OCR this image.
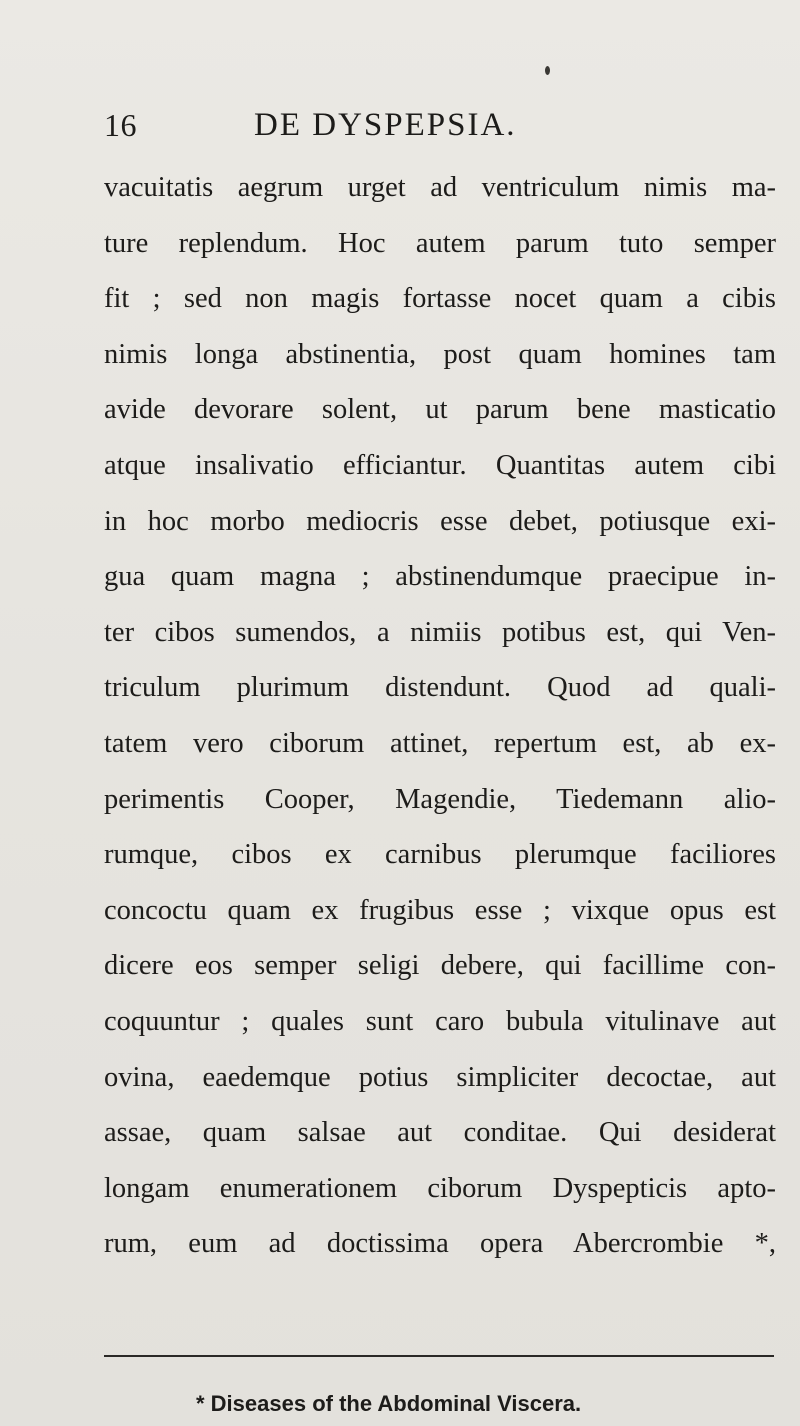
16	DE DYSPEPSIA.
vacuitatis aegrum urget ad ventriculum nimis ma-
ture replendum. Hoc autem parum tuto semper
fit ; sed non magis fortasse nocet quam a cibis
nimis longa abstinentia, post quam homines tam
avide devorare solent, ut parum bene masticatio
atque insalivatio efficiantur. Quantitas autem cibi
in hoc morbo mediocris esse debet, potiusque exi-
gua quam magna ; abstinendumque praecipue in-
ter cibos sumendos, a nimiis potibus est, qui Ven-
triculum plurimum distendunt. Quod ad quali-
tatem vero ciborum attinet, repertum est, ab ex-
perimentis Cooper, Magendie, Tiedemann alio-
rumque, cibos ex carnibus plerumque faciliores
concoctu quam ex frugibus esse ; vixque opus est
dicere eos semper seligi debere, qui facillime con-
coquuntur ; quales sunt caro bubula vitulinave aut
ovina, eaedemque potius simpliciter decoctae, aut
assae, quam salsae aut conditae. Qui desiderat
longam enumerationem ciborum Dyspepticis apto-
rum, eum ad doctissima opera Abercrombie *,
* Diseases of the Abdominal Viscera.
